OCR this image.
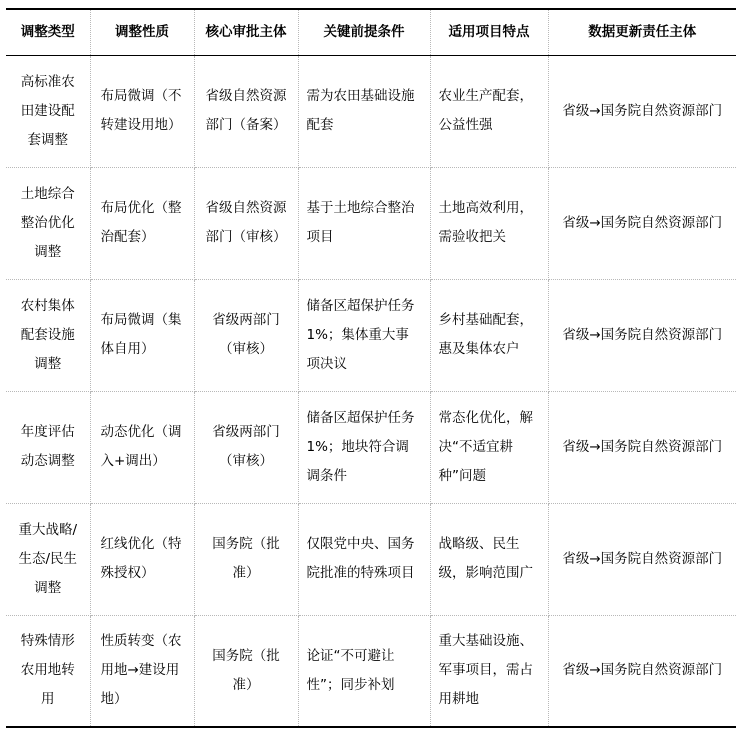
调整类型	调整性质	核心审批主体	关键前提条件	适用项目特点	数据更新责任主体
高标准农田建设配套调整	布局微调（不转建设用地）	省级自然资源部门（备案）	需为农田基础设施配套	农业生产配套，公益性强	省级→国务院自然资源部门
土地综合整治优化调整	布局优化（整治配套）	省级自然资源部门（审核）	基于土地综合整治项目	土地高效利用，需验收把关	省级→国务院自然资源部门
农村集体配套设施调整	布局微调（集体自用）	省级两部门（审核）	储备区超保护任务1%；集体重大事项决议	乡村基础配套，惠及集体农户	省级→国务院自然资源部门
年度评估动态调整	动态优化（调入+调出）	省级两部门（审核）	储备区超保护任务1%；地块符合调调条件	常态化优化，解决“不适宜耕种”问题	省级→国务院自然资源部门
重大战略/生态/民生调整	红线优化（特殊授权）	国务院（批准）	仅限党中央、国务院批准的特殊项目	战略级、民生级，影响范围广	省级→国务院自然资源部门
特殊情形农用地转用	性质转变（农用地→建设用地）	国务院（批准）	论证“不可避让性”；同步补划	重大基础设施、军事项目，需占用耕地	省级→国务院自然资源部门
